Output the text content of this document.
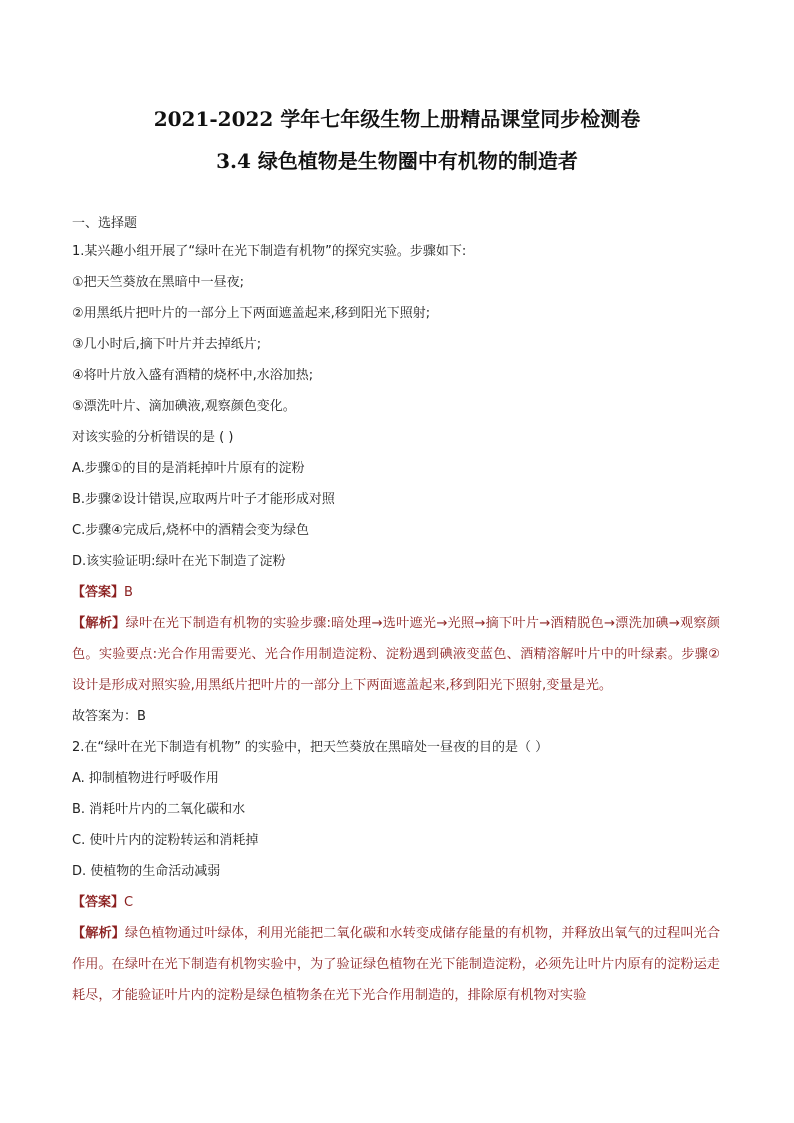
2021-2022 学年七年级生物上册精品课堂同步检测卷
3.4 绿色植物是生物圈中有机物的制造者
一、选择题
1.某兴趣小组开展了“绿叶在光下制造有机物”的探究实验。步骤如下:
①把天竺葵放在黑暗中一昼夜;
②用黑纸片把叶片的一部分上下两面遮盖起来,移到阳光下照射;
③几小时后,摘下叶片并去掉纸片;
④将叶片放入盛有酒精的烧杯中,水浴加热;
⑤漂洗叶片、滴加碘液,观察颜色变化。
对该实验的分析错误的是 ( )
A.步骤①的目的是消耗掉叶片原有的淀粉
B.步骤②设计错误,应取两片叶子才能形成对照
C.步骤④完成后,烧杯中的酒精会变为绿色
D.该实验证明:绿叶在光下制造了淀粉
【答案】B
【解析】绿叶在光下制造有机物的实验步骤:暗处理→选叶遮光→光照→摘下叶片→酒精脱色→漂洗加碘→观察颜色。实验要点:光合作用需要光、光合作用制造淀粉、淀粉遇到碘液变蓝色、酒精溶解叶片中的叶绿素。步骤②设计是形成对照实验,用黑纸片把叶片的一部分上下两面遮盖起来,移到阳光下照射,变量是光。
故答案为：B
2.在“绿叶在光下制造有机物” 的实验中，把天竺葵放在黑暗处一昼夜的目的是（ ）
A. 抑制植物进行呼吸作用
B. 消耗叶片内的二氧化碳和水
C. 使叶片内的淀粉转运和消耗掉
D. 使植物的生命活动减弱
【答案】C
【解析】绿色植物通过叶绿体，利用光能把二氧化碳和水转变成储存能量的有机物，并释放出氧气的过程叫光合作用。在绿叶在光下制造有机物实验中，为了验证绿色植物在光下能制造淀粉，必须先让叶片内原有的淀粉运走耗尽，才能验证叶片内的淀粉是绿色植物条在光下光合作用制造的，排除原有机物对实验
